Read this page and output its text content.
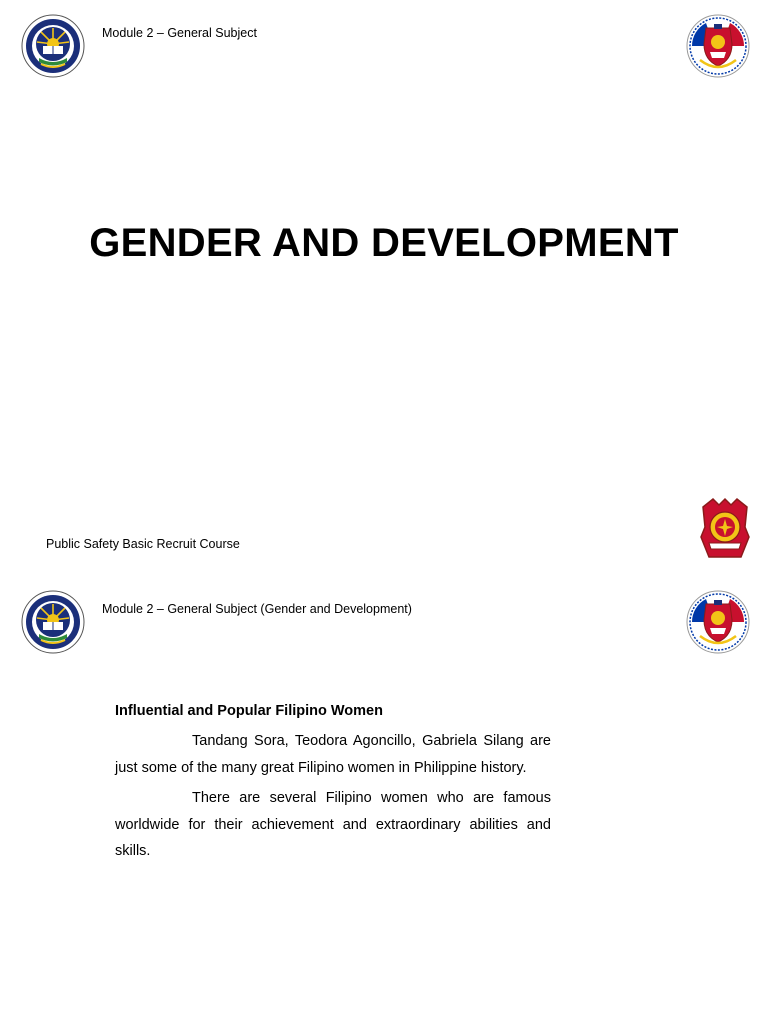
Module 2 – General Subject
GENDER AND DEVELOPMENT
Public Safety Basic Recruit Course
Module 2 – General Subject (Gender and Development)
Influential and Popular Filipino Women

Tandang Sora, Teodora Agoncillo, Gabriela Silang are just some of the many great Filipino women in Philippine history.

There are several Filipino women who are famous worldwide for their achievement and extraordinary abilities and skills.
